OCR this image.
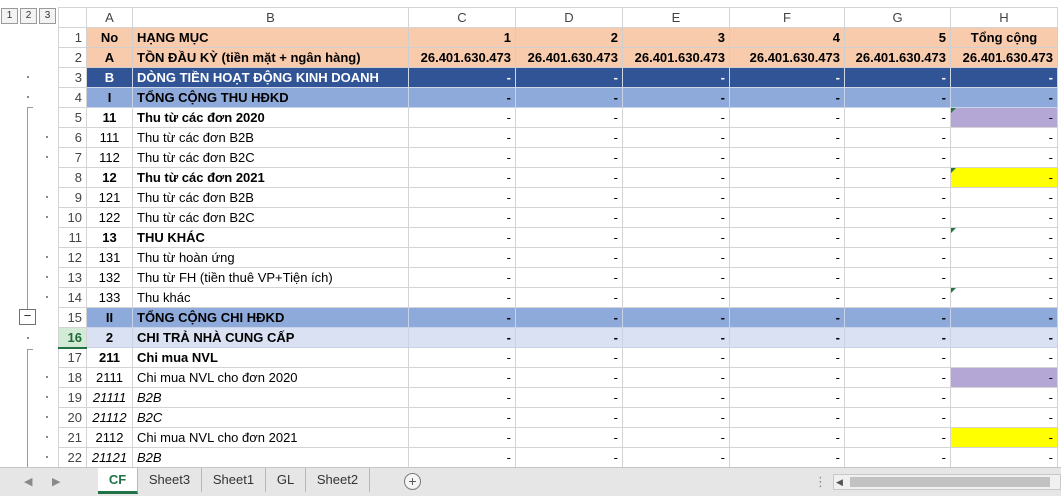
1	2	3
−
	A	B	C	D	E	F	G	H
1	No	HẠNG MỤC	1	2	3	4	5	Tổng cộng
2	A	TỒN ĐẦU KỲ (tiền mặt + ngân hàng)	26.401.630.473	26.401.630.473	26.401.630.473	26.401.630.473	26.401.630.473	26.401.630.473
3	B	DÒNG TIỀN HOẠT ĐỘNG KINH DOANH	-	-	-	-	-	-
4	I	TỔNG CỘNG THU HĐKD	-	-	-	-	-	-
5	11	Thu từ các đơn 2020	-	-	-	-	-	-
6	111	Thu từ các đơn B2B	-	-	-	-	-	-
7	112	Thu từ các đơn B2C	-	-	-	-	-	-
8	12	Thu từ các đơn 2021	-	-	-	-	-	-
9	121	Thu từ các đơn B2B	-	-	-	-	-	-
10	122	Thu từ các đơn B2C	-	-	-	-	-	-
11	13	THU KHÁC	-	-	-	-	-	-
12	131	Thu từ hoàn ứng	-	-	-	-	-	-
13	132	Thu từ FH (tiền thuê VP+Tiện ích)	-	-	-	-	-	-
14	133	Thu khác	-	-	-	-	-	-
15	II	TỔNG CỘNG CHI HĐKD	-	-	-	-	-	-
16	2	CHI TRẢ NHÀ CUNG CẤP	-	-	-	-	-	-
17	211	Chi mua NVL	-	-	-	-	-	-
18	2111	Chi mua NVL cho đơn 2020	-	-	-	-	-	-
19	21111	B2B	-	-	-	-	-	-
20	21112	B2C	-	-	-	-	-	-
21	2112	Chi mua NVL cho đơn 2021	-	-	-	-	-	-
22	21121	B2B	-	-	-	-	-	-
◀ ▶	CF	Sheet3	Sheet1	GL	Sheet2	+	⋮ ◀
